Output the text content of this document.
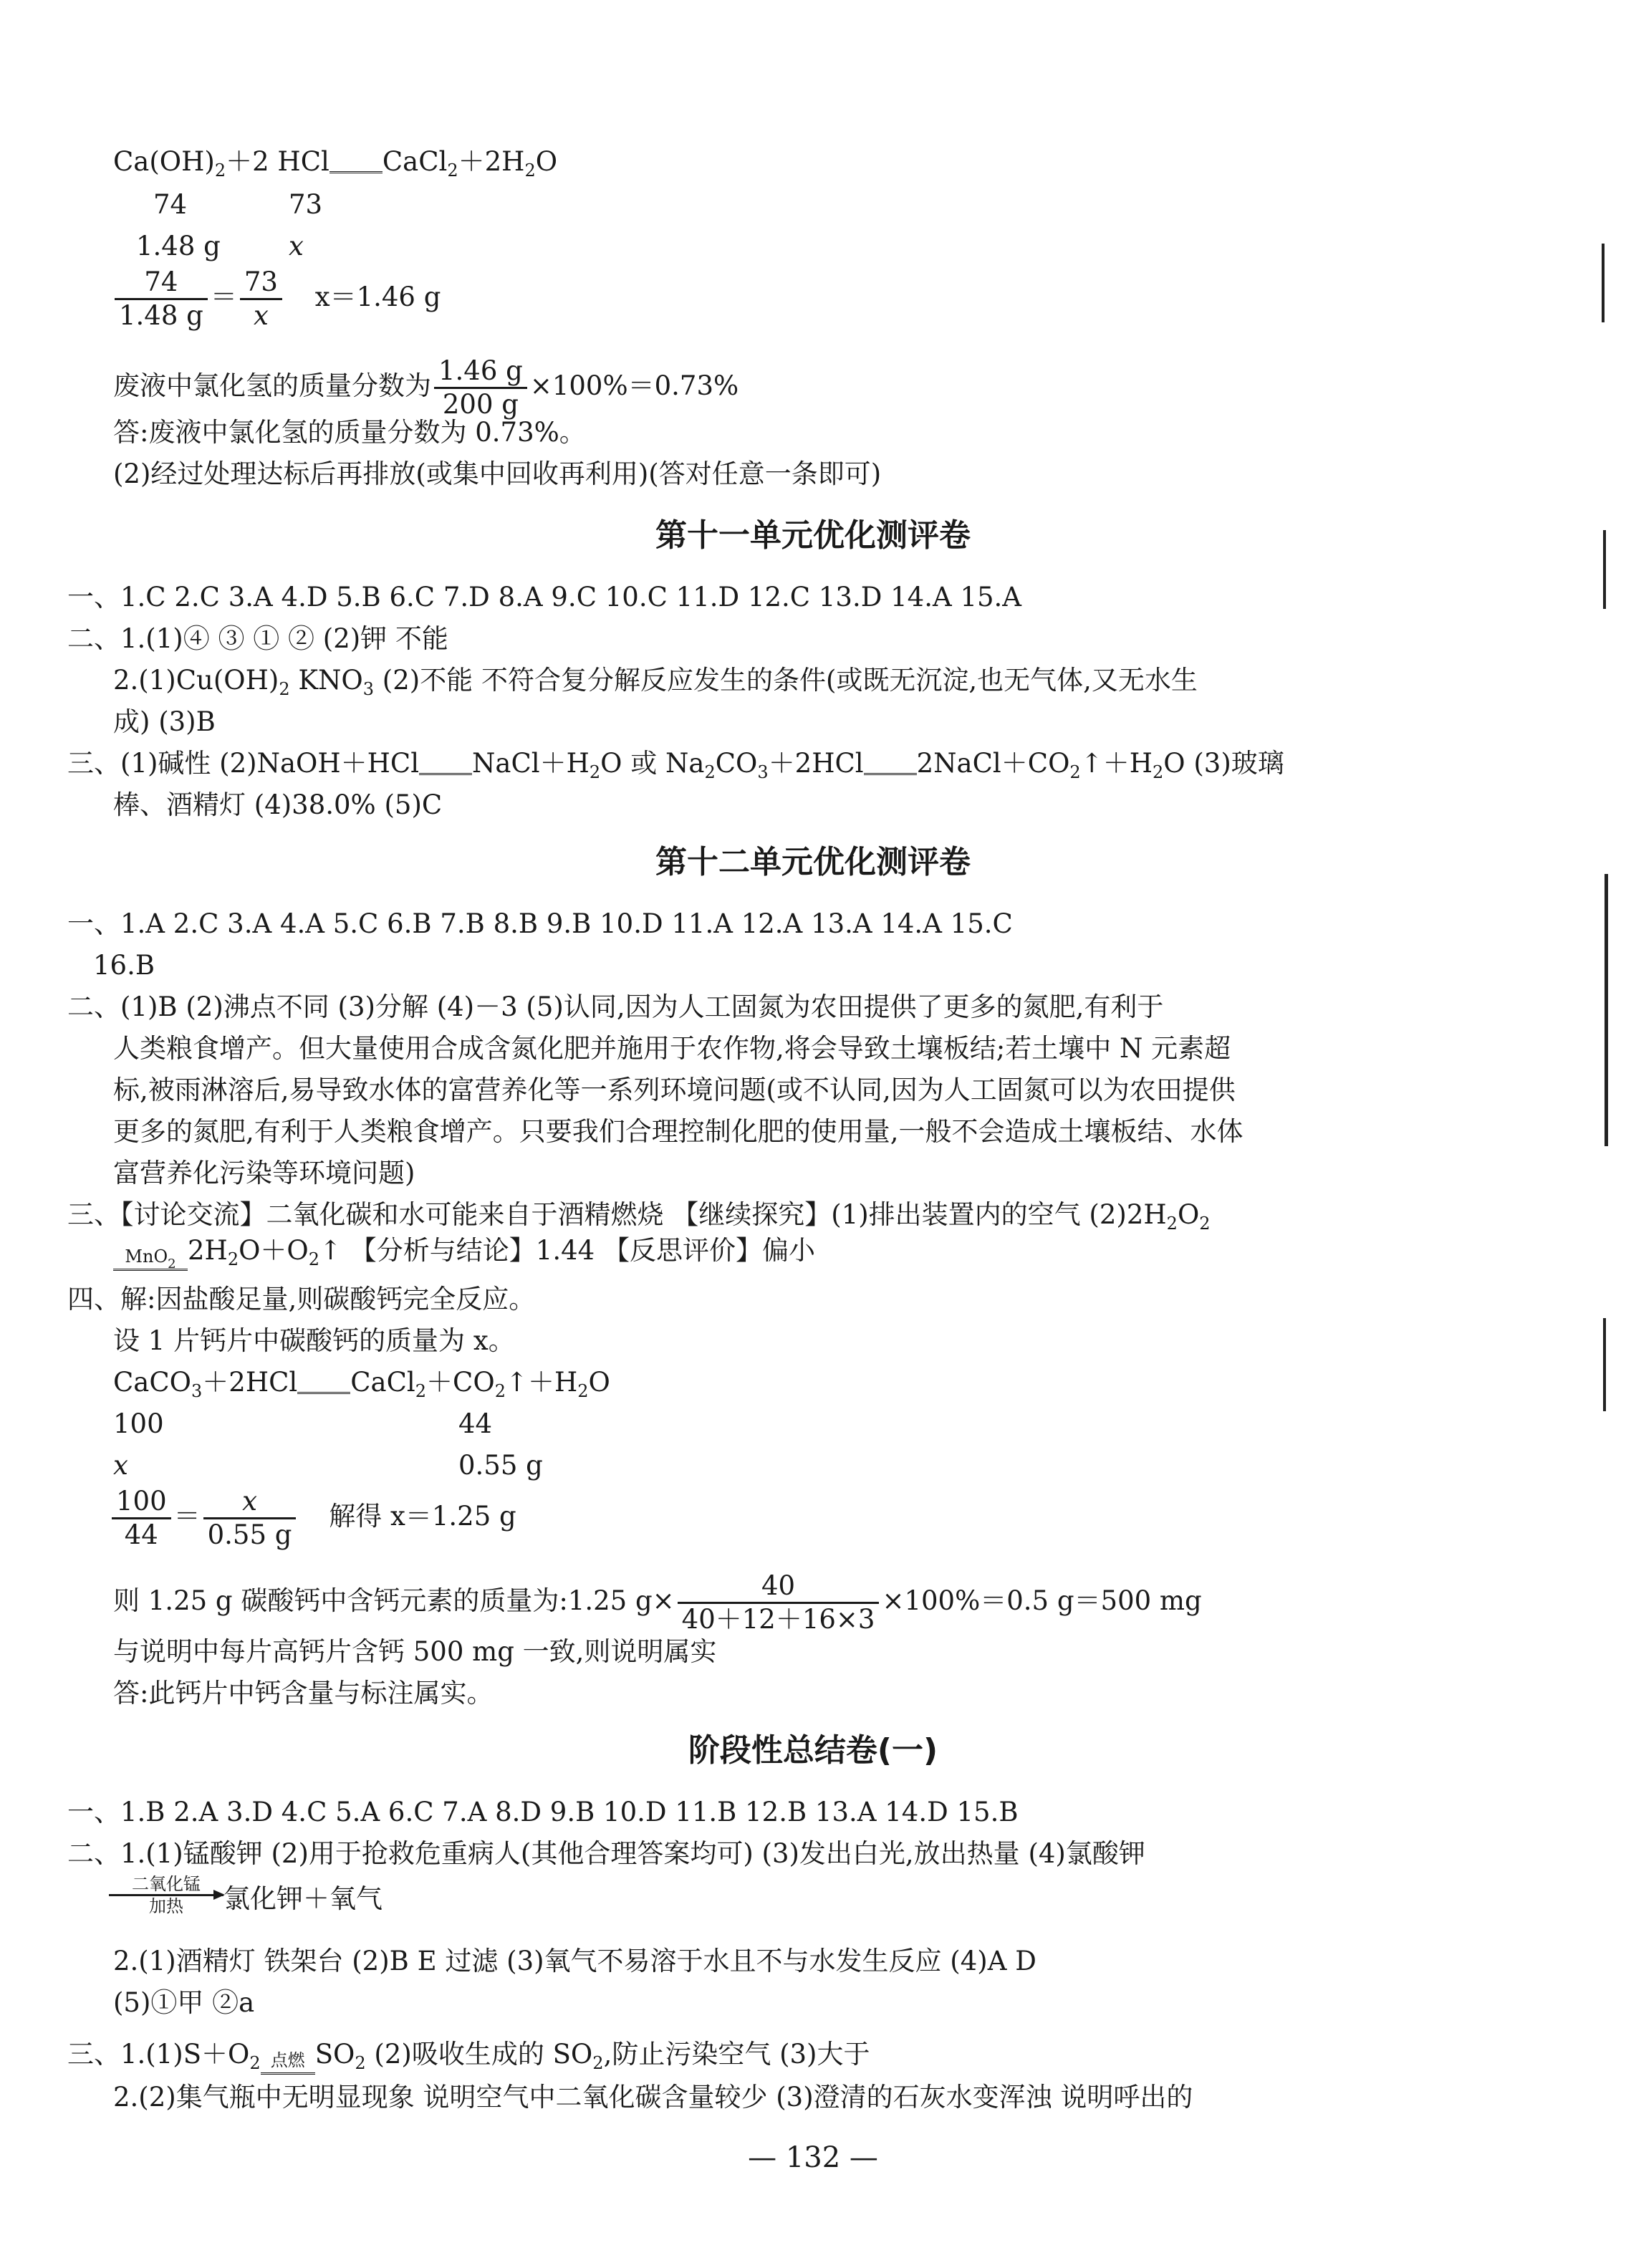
$Ca(OH)_2+2$ HCl $CaCl_2+2H_2O$
74	73
1.48 g	x
$\frac{74}{1.48 g} = \frac{73}{x} x=1.46$ g
废液中氯化氢的质量分数为 $\frac{1.46 g}{200 g} \times 100\%=0.73\%$
答:废液中氯化氢的质量分数为 0.73%。
(2)经过处理达标后再排放(或集中回收再利用)(答对任意一条即可)
第十一单元优化测评卷
一、1.C 2.C 3.A 4.D 5.B 6.C 7.D 8.A 9.C 10.C 11.D 12.C 13.D 14.A 15.A
二、1.(1)④ ③ ① ② (2)钾 不能
$2.(1)Cu(OH)_2$ $KNO_3$ (2)不能 不符合复分解反应发生的条件(或既无沉淀,也无气体,又无水生
成) (3)B
三、(1)碱性 (2)NaOH＋HCl $NaCl+H_2O$ 或 $Na_2CO_3+2HCl$ $2NaCl+CO_2↑+H_2O$ (3)玻璃
棒、酒精灯 (4)38.0% (5)C
第十二单元优化测评卷
一、1.A 2.C 3.A 4.A 5.C 6.B 7.B 8.B 9.B 10.D 11.A 12.A 13.A 14.A 15.C
16.B
二、(1)B (2)沸点不同 (3)分解 (4)－3 (5)认同,因为人工固氮为农田提供了更多的氮肥,有利于
人类粮食增产。但大量使用合成含氮化肥并施用于农作物,将会导致土壤板结;若土壤中 N 元素超
标,被雨淋溶后,易导致水体的富营养化等一系列环境问题(或不认同,因为人工固氮可以为农田提供
更多的氮肥,有利于人类粮食增产。只要我们合理控制化肥的使用量,一般不会造成土壤板结、水体
富营养化污染等环境问题)
三、【讨论交流】二氧化碳和水可能来自于酒精燃烧 【继续探究】(1)排出装置内的空气 $(2)2H_2O_2$
MnO$_2$ $2H_2O+O_2↑$ 【分析与结论】1.44 【反思评价】偏小
四、解:因盐酸足量,则碳酸钙完全反应。
设 1 片钙片中碳酸钙的质量为 x。
CaCO$_3$＋2HCl $CaCl_2+CO_2↑+H_2O$
100	44
x	0.55 g
$\frac{100}{44} = \frac{x}{0.55 g}$ 解得 x＝1.25 g
则 1.25 g 碳酸钙中含钙元素的质量为:1.25 $g\times \frac{40}{40+12+16\times 3} \times 100\%=0.5$ g＝500 mg
与说明中每片高钙片含钙 500 mg 一致,则说明属实
答:此钙片中钙含量与标注属实。
阶段性总结卷(一)
一、1.B 2.A 3.D 4.C 5.A 6.C 7.A 8.D 9.B 10.D 11.B 12.B 13.A 14.D 15.B
二、1.(1)锰酸钾 (2)用于抢救危重病人(其他合理答案均可) (3)发出白光,放出热量 (4)氯酸钾
二氧化锰
加热	氯化钾＋氧气
2.(1)酒精灯 铁架台 (2)B E 过滤 (3)氧气不易溶于水且不与水发生反应 (4)A D
(5)①甲 ②a
三、$1.(1)S+O_2$ 点燃 $SO_2$ (2)吸收生成的 $SO_2$,防止污染空气 (3)大于
2.(2)集气瓶中无明显现象 说明空气中二氧化碳含量较少 (3)澄清的石灰水变浑浊 说明呼出的
— 132 —
